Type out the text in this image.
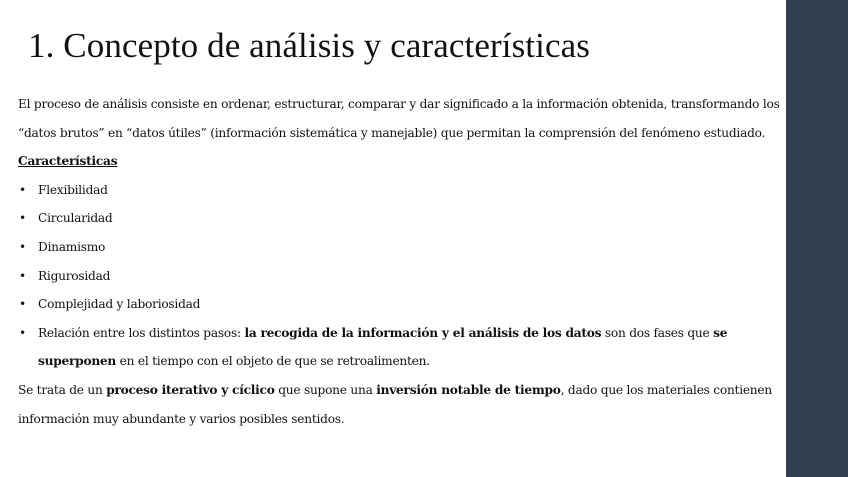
1. Concepto de análisis y características

El proceso de análisis consiste en ordenar, estructurar, comparar y dar significado a la información obtenida, transformando los “datos brutos” en “datos útiles” (información sistemática y manejable) que permitan la comprensión del fenómeno estudiado.

Características

• Flexibilidad
• Circularidad
• Dinamismo
• Rigurosidad
• Complejidad y laboriosidad
• Relación entre los distintos pasos: la recogida de la información y el análisis de los datos son dos fases que se superponen en el tiempo con el objeto de que se retroalimenten.

Se trata de un proceso iterativo y cíclico que supone una inversión notable de tiempo, dado que los materiales contienen información muy abundante y varios posibles sentidos.
